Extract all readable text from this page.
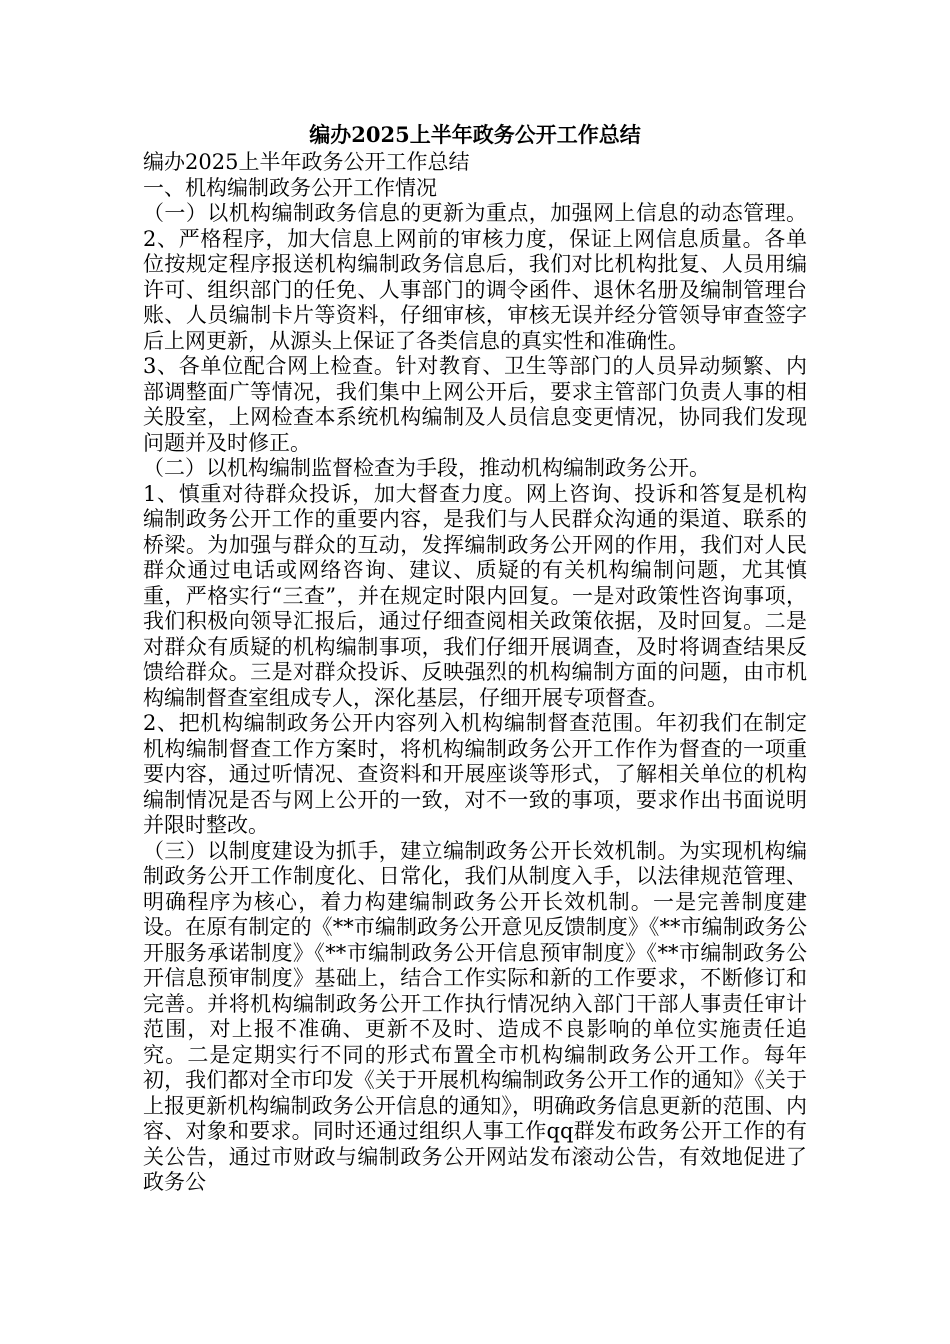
编办2025上半年政务公开工作总结

编办2025上半年政务公开工作总结

一、机构编制政务公开工作情况

（一）以机构编制政务信息的更新为重点，加强网上信息的动态管理。 2、严格程序，加大信息上网前的审核力度，保证上网信息质量。各单位按规定程序报送机构编制政务信息后，我们对比机构批复、人员用编许可、组织部门的任免、人事部门的调令函件、退休名册及编制管理台账、人员编制卡片等资料，仔细审核，审核无误并经分管领导审查签字后上网更新，从源头上保证了各类信息的真实性和准确性。

3、各单位配合网上检查。针对教育、卫生等部门的人员异动频繁、内部调整面广等情况，我们集中上网公开后，要求主管部门负责人事的相关股室，上网检查本系统机构编制及人员信息变更情况，协同我们发现问题并及时修正。

（二）以机构编制监督检查为手段，推动机构编制政务公开。

1、慎重对待群众投诉，加大督查力度。网上咨询、投诉和答复是机构编制政务公开工作的重要内容，是我们与人民群众沟通的渠道、联系的桥梁。为加强与群众的互动，发挥编制政务公开网的作用，我们对人民群众通过电话或网络咨询、建议、质疑的有关机构编制问题，尤其慎重，严格实行“三查”，并在规定时限内回复。一是对政策性咨询事项，我们积极向领导汇报后，通过仔细查阅相关政策依据，及时回复。二是对群众有质疑的机构编制事项，我们仔细开展调查，及时将调查结果反馈给群众。三是对群众投诉、反映强烈的机构编制方面的问题，由市机构编制督查室组成专人，深化基层，仔细开展专项督查。

2、把机构编制政务公开内容列入机构编制督查范围。年初我们在制定机构编制督查工作方案时，将机构编制政务公开工作作为督查的一项重要内容，通过听情况、查资料和开展座谈等形式，了解相关单位的机构编制情况是否与网上公开的一致，对不一致的事项，要求作出书面说明并限时整改。

（三）以制度建设为抓手，建立编制政务公开长效机制。为实现机构编制政务公开工作制度化、日常化，我们从制度入手，以法律规范管理、明确程序为核心，着力构建编制政务公开长效机制。一是完善制度建设。在原有制定的《**市编制政务公开意见反馈制度》《**市编制政务公开服务承诺制度》《**市编制政务公开信息预审制度》《**市编制政务公开信息预审制度》基础上，结合工作实际和新的工作要求，不断修订和完善。并将机构编制政务公开工作执行情况纳入部门干部人事责任审计范围，对上报不准确、更新不及时、造成不良影响的单位实施责任追究。二是定期实行不同的形式布置全市机构编制政务公开工作。每年初，我们都对全市印发《关于开展机构编制政务公开工作的通知》《关于上报更新机构编制政务公开信息的通知》，明确政务信息更新的范围、内容、对象和要求。同时还通过组织人事工作qq群发布政务公开工作的有关公告，通过市财政与编制政务公开网站发布滚动公告，有效地促进了政务公
